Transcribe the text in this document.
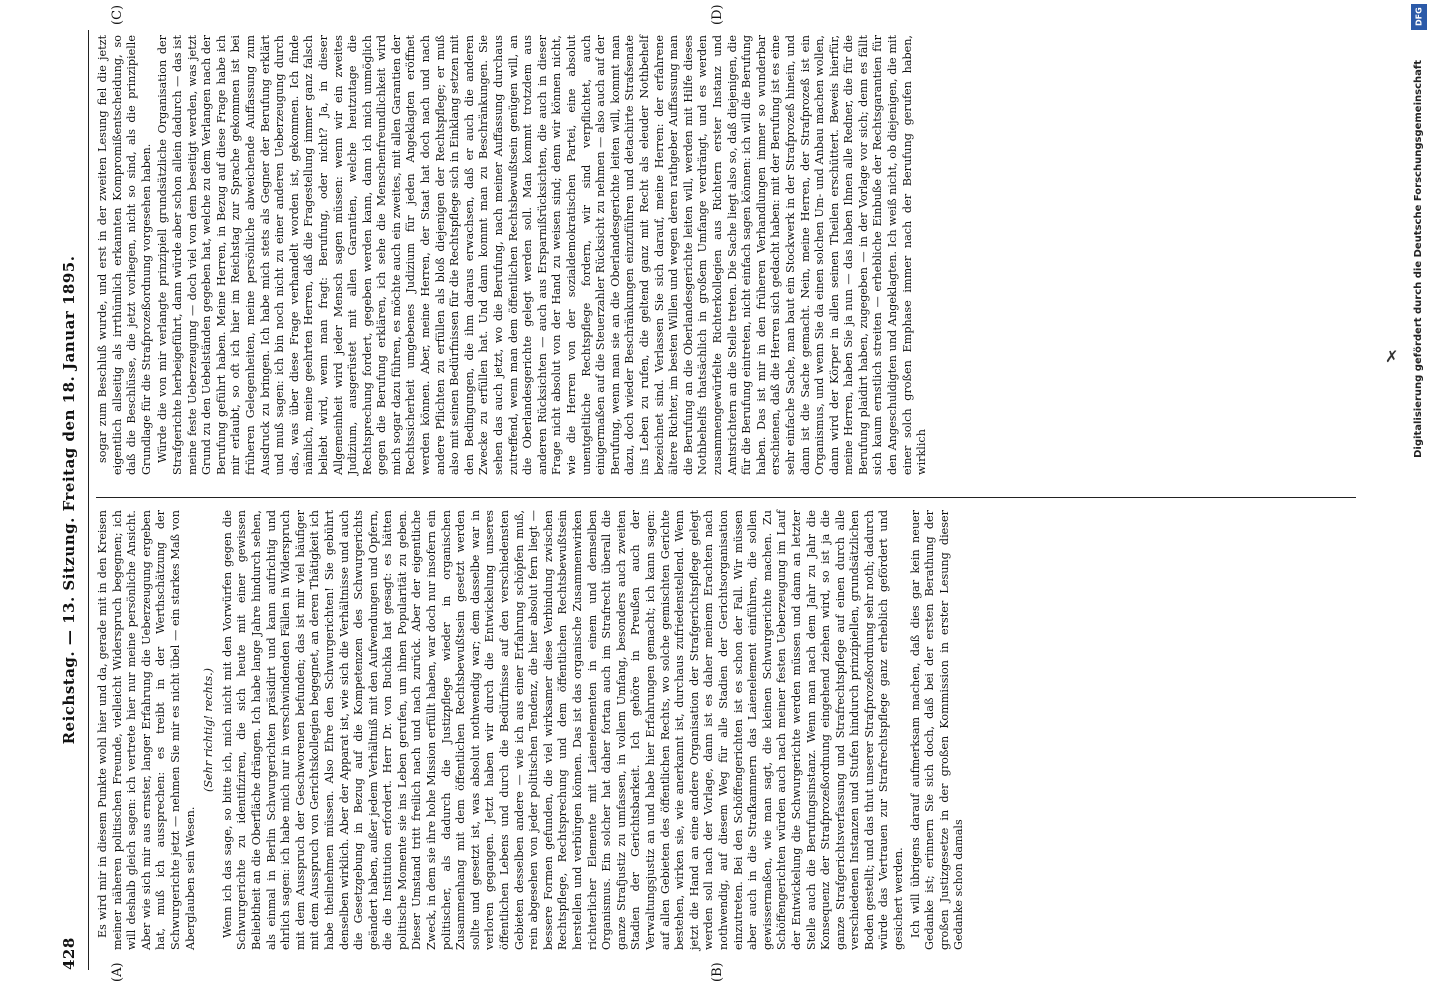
428
Reichstag. — 13. Sitzung. Freitag den 18. Januar 1895.
(A)	(B)
(C)	(D)

Es wird mir in diesem Punkte wohl hier und da, gerade mit in den Kreisen meiner näheren politischen Freunde, vielleicht Widerspruch begegnen; ich will deshalb gleich sagen: ich vertrete hier nur meine persönliche Ansicht. Aber wie sich mir aus ernster, langer Erfahrung die Ueberzeugung ergeben hat, muß ich aussprechen: es treibt in der Werthschätzung der Schwurgerichte jetzt — nehmen Sie mir es nicht übel — ein starkes Maß von Aberglauben sein Wesen.

(Sehr richtig! rechts.) Wenn ich das sage, so bitte ich, mich nicht mit den Vorwürfen gegen die Schwurgerichte zu identifiziren, die sich heute mit einer gewissen Beliebtheit an die Oberfläche drängen. Ich habe lange Jahre hindurch sehen, als einmal in Berlin Schwurgerichten präsidirt und kann aufrichtig und ehrlich sagen: ich habe mich nur in verschwindenden Fällen in Widerspruch mit dem Ausspruch der Geschworenen befunden; das ist mir viel häufiger mit dem Ausspruch von Gerichtskollegien begegnet, an deren Thätigkeit ich habe theilnehmen müssen. Also Ehre den Schwurgerichten! Sie gebührt denselben wirklich. Aber der Apparat ist, wie sich die Verhältnisse und auch die Gesetzgebung in Bezug auf die Kompetenzen des Schwurgerichts geändert haben, außer jedem Verhältniß mit den Aufwendungen und Opfern, die die Institution erfordert. Herr Dr. von Buchka hat gesagt: es hätten politische Momente sie ins Leben gerufen, um ihnen Popularität zu geben. Dieser Umstand tritt freilich nach und nach zurück. Aber der eigentliche Zweck, in dem sie ihre hohe Mission erfüllt haben, war doch nur insofern ein politischer, als dadurch die Justizpflege wieder in organischen Zusammenhang mit dem öffentlichen Rechtsbewußtsein gesetzt werden sollte und gesetzt ist, was absolut nothwendig war; dem dasselbe war in verloren gegangen. Jetzt haben wir durch die Entwickelung unseres öffentlichen Lebens und durch die Bedürfnisse auf den verschiedensten Gebieten desselben andere — wie ich aus einer Erfahrung schöpfen muß, rein abgesehen von jeder politischen Tendenz, die hier absolut fern liegt — bessere Formen gefunden, die viel wirksamer diese Verbindung zwischen Rechtspflege, Rechtsprechung und dem öffentlichen Rechtsbewußtsein herstellen und verbürgen können. Das ist das organische Zusammenwirken richterlicher Elemente mit Laienelementen in einem und demselben Organismus. Ein solcher hat daher fortan auch im Strafrecht überall die ganze Strafjustiz zu umfassen, in vollem Umfang, besonders auch zweiten Stadien der Gerichtsbarkeit. Ich gehöre in Preußen auch der Verwaltungsjustiz an und habe hier Erfahrungen gemacht; ich kann sagen: auf allen Gebieten des öffentlichen Rechts, wo solche gemischten Gerichte bestehen, wirken sie, wie anerkannt ist, durchaus zufriedenstellend. Wenn jetzt die Hand an eine andere Organisation der Strafgerichtspflege gelegt werden soll nach der Vorlage, dann ist es daher meinem Erachten nach nothwendig, auf diesem Weg für alle Stadien der Gerichtsorganisation einzutreten. Bei den Schöffengerichten ist es schon der Fall. Wir müssen aber auch in die Strafkammern das Laienelement einführen, die sollen gewissermaßen, wie man sagt, die kleinen Schwurgerichte machen. Zu Schöffengerichten würden auch nach meiner festen Ueberzeugung im Lauf der Entwickelung die Schwurgerichte werden müssen und dann an letzter Stelle auch die Berufungsinstanz. Wenn man nach dem Jahr zu Jahr die Konsequenz der Strafprozeßordnung eingehend ziehen wird, so ist ja die ganze Strafgerichtsverfassung und Strafrechtspflege auf einen durch alle verschiedenen Instanzen und Stufen hindurch prinzipiellen, grundsätzlichen Boden gestellt; und das thut unserer Strafprozeßordnung sehr noth; dadurch würde das Vertrauen zur Strafrechtspflege ganz erheblich gefördert und gesichert werden. Ich will übrigens darauf aufmerksam machen, daß dies gar kein neuer Gedanke ist; erinnern Sie sich doch, daß bei der ersten Berathung der großen Justizgesetze in der großen Kommission in erster Lesung dieser Gedanke schon damals

sogar zum Beschluß wurde, und erst in der zweiten Lesung fiel die jetzt eigentlich allseitig als irrthümlich erkannten Kompromißentscheidung, so daß die Beschlüsse, die jetzt vorliegen, nicht so sind, als die prinzipielle Grundlage für die Strafprozeßordnung vorgesehen haben. Würde die von mir verlangte prinzipiell grundsätzliche Organisation der Strafgerichte herbeigeführt, dann würde aber schon allein dadurch — das ist meine feste Ueberzeugung — doch viel von dem beseitigt werden, was jetzt Grund zu den Uebelständen gegeben hat, welche zu dem Verlangen nach der Berufung geführt haben. Meine Herren, in Bezug auf diese Frage habe ich mir erlaubt, so oft ich hier im Reichstag zur Sprache gekommen ist bei früheren Gelegenheiten, meine persönliche abweichende Auffassung zum Ausdruck zu bringen. Ich habe mich stets als Gegner der Berufung erklärt und muß sagen: ich bin noch nicht zu einer anderen Ueberzeugung durch das, was über diese Frage verhandelt worden ist, gekommen. Ich finde nämlich, meine geehrten Herren, daß die Fragestellung immer ganz falsch beliebt wird, wenn man fragt: Berufung, oder nicht? Ja, in dieser Allgemeinheit wird jeder Mensch sagen müssen: wenn wir ein zweites Judizium, ausgerüstet mit allen Garantien, welche heutzutage die Rechtsprechung fordert, gegeben werden kann, dann ich mich unmöglich gegen die Berufung erklären, ich sehe die Menschenfreundlichkeit wird mich sogar dazu führen, es möchte auch ein zweites, mit allen Garantien der Rechtssicherheit umgebenes Judizium für jeden Angeklagten eröffnet werden können. Aber, meine Herren, der Staat hat doch nach und nach andere Pflichten zu erfüllen als bloß diejenigen der Rechtspflege; er muß also mit seinen Bedürfnissen für die Rechtspflege sich in Einklang setzen mit den Bedingungen, die ihm daraus erwachsen, daß er auch die anderen Zwecke zu erfüllen hat. Und dann kommt man zu Beschränkungen. Sie sehen das auch jetzt, wo die Berufung, nach meiner Auffassung durchaus zutreffend, wenn man dem öffentlichen Rechtsbewußtsein genügen will, an die Oberlandesgerichte gelegt werden soll. Man kommt trotzdem aus anderen Rücksichten — auch aus Ersparnißrücksichten, die auch in dieser Frage nicht absolut von der Hand zu weisen sind; denn wir können nicht, wie die Herren von der sozialdemokratischen Partei, eine absolut unentgeltliche Rechtspflege fordern, wir sind verpflichtet, auch einigermaßen auf die Steuerzahler Rücksicht zu nehmen — also auch auf der Berufung, wenn man sie an die Oberlandesgerichte leiten will, kommt man dazu, doch wieder Beschränkungen einzuführen und detachirte Strafsenate ins Leben zu rufen, die geltend ganz mit Recht als eleuder Nothbehelf bezeichnet sind. Verlassen Sie sich darauf, meine Herren: der erfahrene ältere Richter, im besten Willen und wegen deren rathgeber Auffassung man die Berufung an die Oberlandesgerichte leiten will, werden mit Hilfe dieses Nothbehelfs thatsächlich in großem Umfange verdrängt, und es werden zusammengewürfelte Richterkollegien aus Richtern erster Instanz und Amtsrichtern an die Stelle treten. Die Sache liegt also so, daß diejenigen, die für die Berufung eintreten, nicht einfach sagen können: ich will die Berufung haben. Das ist mir in den früheren Verhandlungen immer so wunderbar erschienen, daß die Herren sich gedacht haben: mit der Berufung ist es eine sehr einfache Sache, man baut ein Stockwerk in der Strafprozeß hinein, und dann ist die Sache gemacht. Nein, meine Herren, der Strafprozeß ist ein Organismus, und wenn Sie da einen solchen Um- und Anbau machen wollen, dann wird der Körper in allen seinen Theilen erschüttert. Beweis hierfür, meine Herren, haben Sie ja nun — das haben Ihnen alle Redner, die für die Berufung plaidirt haben, zugegeben — in der Vorlage vor sich; denn es fällt sich kaum ernstlich streiten — erhebliche Einbuße der Rechtsgarantien für den Angeschuldigten und Angeklagten. Ich weiß nicht, ob diejenigen, die mit einer solch großen Emphase immer nach der Berufung gerufen haben, wirklich

✗
DFG
Digitalisierung gefördert durch die Deutsche Forschungsgemeinschaft
